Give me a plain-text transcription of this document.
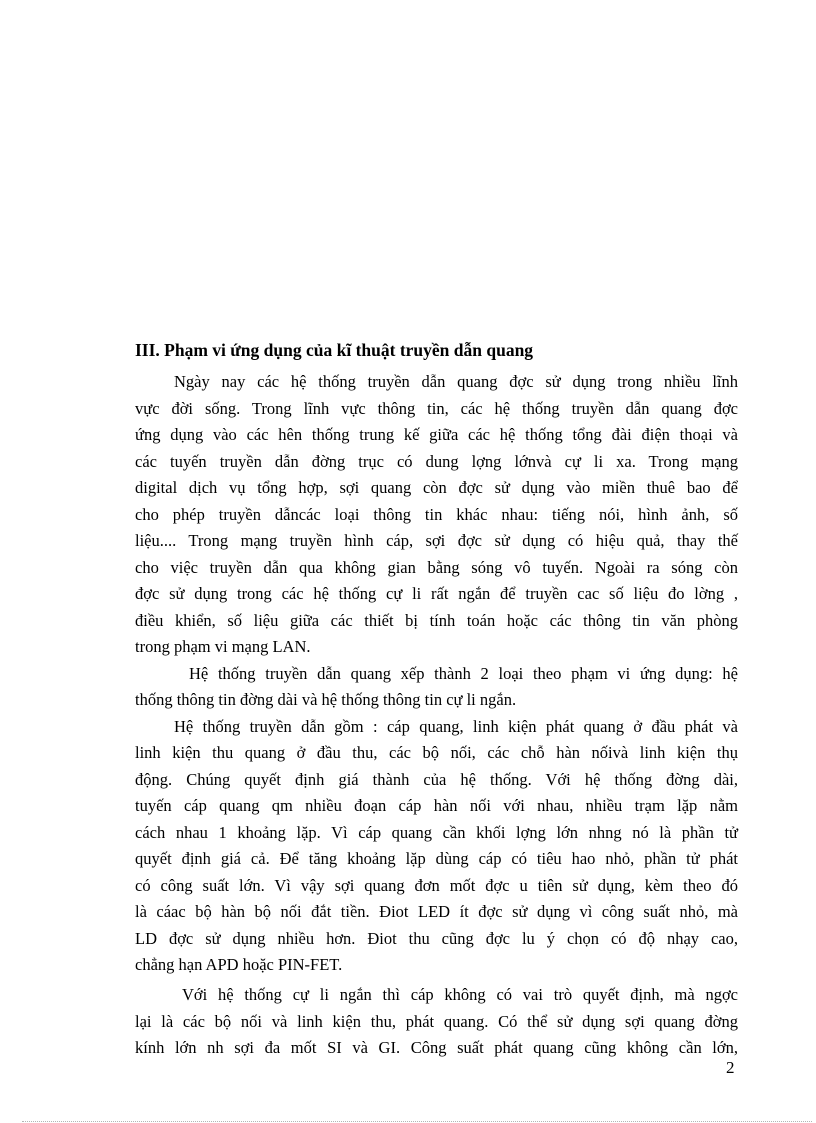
III. Phạm vi ứng dụng của kĩ thuật truyền dẫn quang
Ngày nay các hệ thống truyền dẫn quang đợc sử dụng trong nhiều lĩnh
vực đời sống. Trong lĩnh vực thông tin, các hệ thống truyền dẫn quang đợc
ứng dụng vào các hên thống trung kế giữa các hệ thống tổng đài điện thoại và
các tuyến truyền dẫn đờng trục có dung lợng lớnvà cự li xa. Trong mạng
digital dịch vụ tổng hợp, sợi quang còn đợc sử dụng vào miền thuê bao để
cho phép truyền dẫncác loại thông tin khác nhau: tiếng nói, hình ảnh, số
liệu.... Trong mạng truyền hình cáp, sợi đợc sử dụng có hiệu quả, thay thế
cho việc truyền dẫn qua không gian bằng sóng vô tuyến. Ngoài ra sóng còn
đợc sử dụng trong các hệ thống cự li rất ngắn để truyền cac số liệu đo lờng ,
điều khiển, số liệu giữa các thiết bị tính toán hoặc các thông tin văn phòng
trong phạm vi mạng LAN.
Hệ thống truyền dẫn quang xếp thành 2 loại theo phạm vi ứng dụng: hệ
thống thông tin đờng dài và hệ thống thông tin cự li ngắn.
Hệ thống truyền dẫn gồm : cáp quang, linh kiện phát quang ở đầu phát và
linh kiện thu quang ở đầu thu, các bộ nối, các chỗ hàn nốivà linh kiện thụ
động. Chúng quyết định giá thành của hệ thống. Với hệ thống đờng dài,
tuyến cáp quang qm nhiều đoạn cáp hàn nối với nhau, nhiều trạm lặp nằm
cách nhau 1 khoảng lặp. Vì cáp quang cần khối lợng lớn nhng nó là phần tử
quyết định giá cả. Để tăng khoảng lặp dùng cáp có tiêu hao nhỏ, phần tử phát
có công suất lớn. Vì vậy sợi quang đơn mốt đợc u tiên sử dụng, kèm theo đó
là cáac bộ hàn bộ nối đắt tiền. Điot LED ít đợc sử dụng vì công suất nhỏ, mà
LD đợc sử dụng nhiều hơn. Điot thu cũng đợc lu ý chọn có độ nhạy cao,
chẳng hạn APD hoặc PIN-FET.
Với hệ thống cự li ngắn thì cáp không có vai trò quyết định, mà ngợc
lại là các bộ nối và linh kiện thu, phát quang. Có thể sử dụng sợi quang đờng
kính lớn nh sợi đa mốt SI và GI. Công suất phát quang cũng không cần lớn,
2
